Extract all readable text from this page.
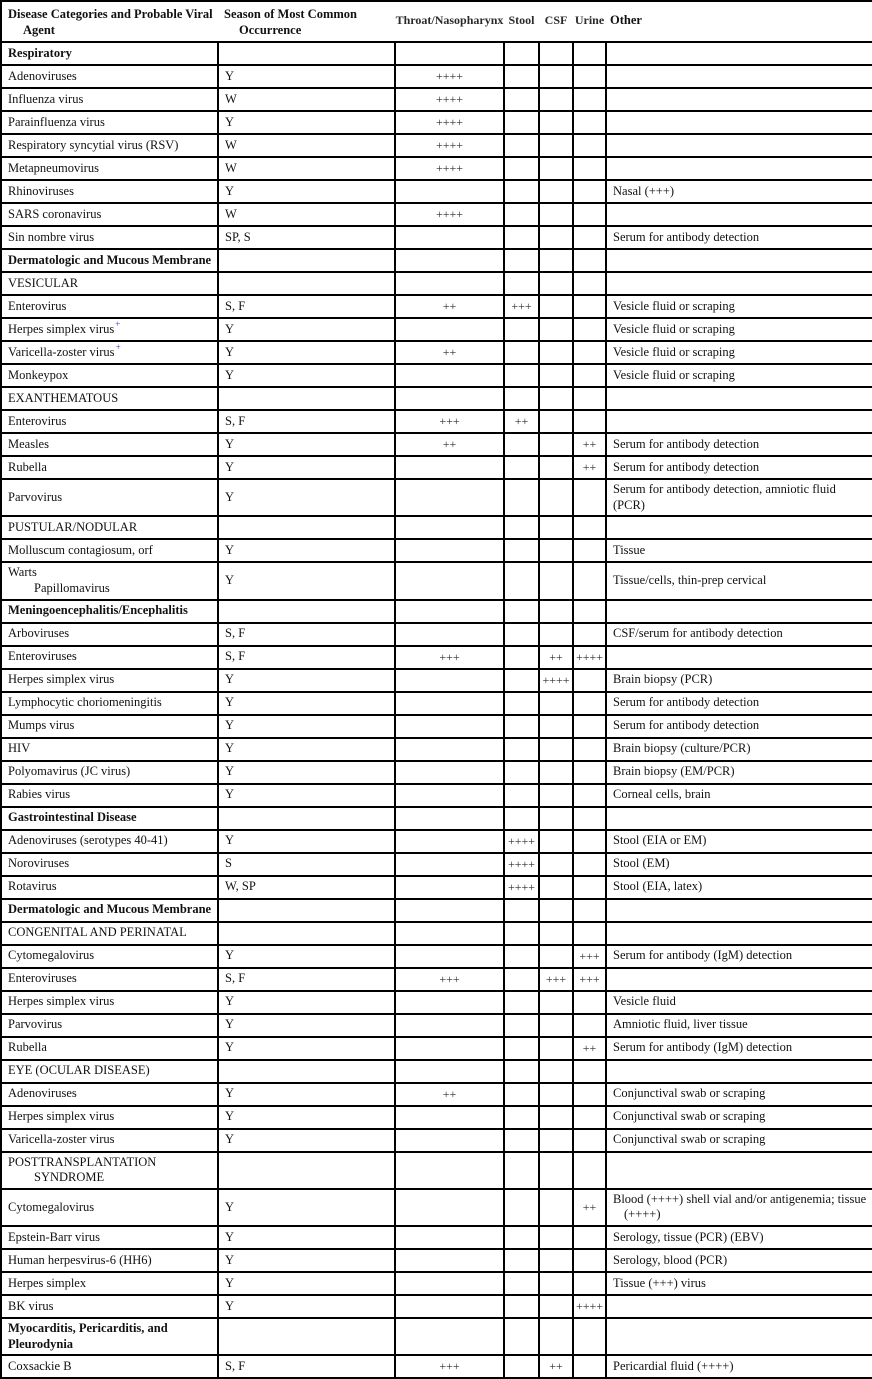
Disease Categories and Probable Viral
Agent

Season of Most Common
Occurrence
	Throat/Nasopharynx	Stool	CSF	Urine	Other

Respiratory						

Adenoviruses	Y	++++				

Influenza virus	W	++++				

Parainfluenza virus	Y	++++				

Respiratory syncytial virus (RSV)	W	++++				

Metapneumovirus	W	++++				

Rhinoviruses	Y					Nasal (+++)

SARS coronavirus	W	++++				

Sin nombre virus	SP, S					Serum for antibody detection

Dermatologic and Mucous Membrane						

VESICULAR						

Enterovirus	S, F	++	+++			Vesicle fluid or scraping

Herpes simplex virus+	Y					Vesicle fluid or scraping

Varicella-zoster virus+	Y	++				Vesicle fluid or scraping

Monkeypox	Y					Vesicle fluid or scraping

EXANTHEMATOUS						

Enterovirus	S, F	+++	++			

Measles	Y	++			++	Serum for antibody detection

Rubella	Y				++	Serum for antibody detection

Parvovirus	Y					Serum for antibody detection, amniotic fluid (PCR)

PUSTULAR/NODULAR						

Molluscum contagiosum, orf	Y					Tissue

Warts
Papillomavirus	Y					Tissue/cells, thin-prep cervical

Meningoencephalitis/Encephalitis						

Arboviruses	S, F					CSF/serum for antibody detection

Enteroviruses	S, F	+++		++	++++	

Herpes simplex virus	Y			++++		Brain biopsy (PCR)

Lymphocytic choriomeningitis	Y					Serum for antibody detection

Mumps virus	Y					Serum for antibody detection

HIV	Y					Brain biopsy (culture/PCR)

Polyomavirus (JC virus)	Y					Brain biopsy (EM/PCR)

Rabies virus	Y					Corneal cells, brain

Gastrointestinal Disease						

Adenoviruses (serotypes 40-41)	Y		++++			Stool (EIA or EM)

Noroviruses	S		++++			Stool (EM)

Rotavirus	W, SP		++++			Stool (EIA, latex)

Dermatologic and Mucous Membrane						

CONGENITAL AND PERINATAL						

Cytomegalovirus	Y				+++	Serum for antibody (IgM) detection

Enteroviruses	S, F	+++		+++	+++	

Herpes simplex virus	Y					Vesicle fluid

Parvovirus	Y					Amniotic fluid, liver tissue

Rubella	Y				++	Serum for antibody (IgM) detection

EYE (OCULAR DISEASE)						

Adenoviruses	Y	++				Conjunctival swab or scraping

Herpes simplex virus	Y					Conjunctival swab or scraping

Varicella-zoster virus	Y					Conjunctival swab or scraping

POSTTRANSPLANTATION
SYNDROME						

Cytomegalovirus	Y				++	Blood (++++) shell vial and/or antigenemia; tissue
(++++)

Epstein-Barr virus	Y					Serology, tissue (PCR) (EBV)

Human herpesvirus-6 (HH6)	Y					Serology, blood (PCR)

Herpes simplex	Y					Tissue (+++) virus

BK virus	Y				++++	

Myocarditis, Pericarditis, and Pleurodynia						

Coxsackie B	S, F	+++		++		Pericardial fluid (++++)
